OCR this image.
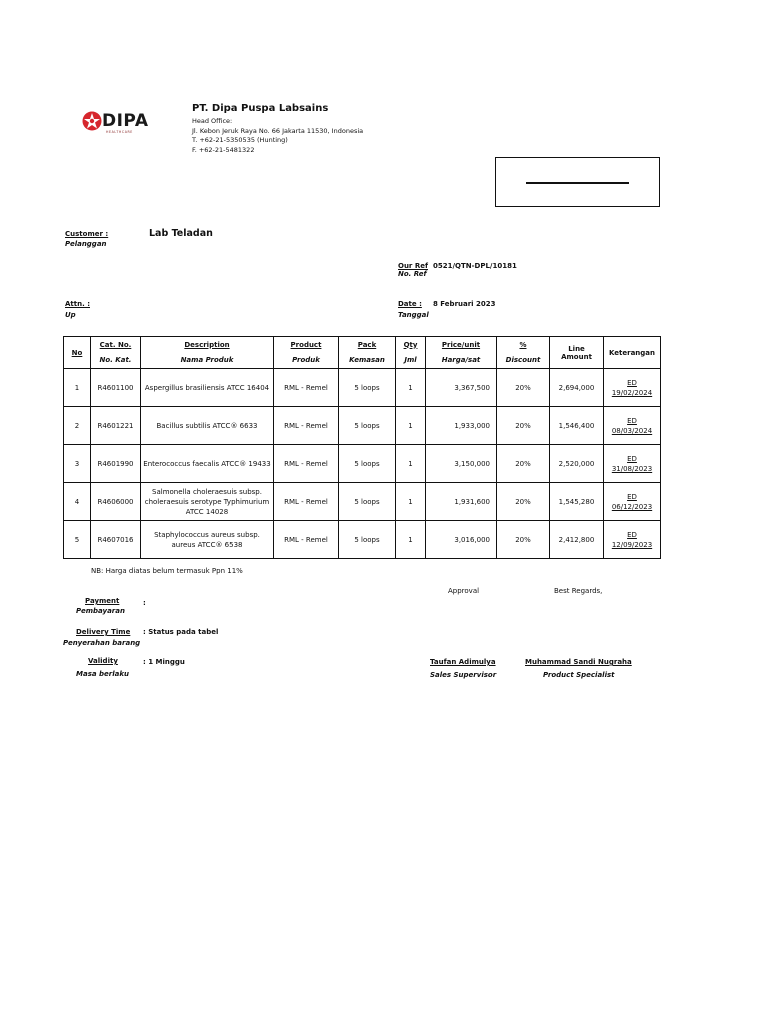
DIPA
HEALTHCARE
PT. Dipa Puspa Labsains
Head Office:
Jl. Kebon Jeruk Raya No. 66 Jakarta 11530, Indonesia
T. +62-21-5350535 (Hunting)
F. +62-21-5481322
Customer :
Pelanggan
Lab Teladan
Our Ref
No. Ref
0521/QTN-DPL/10181
Attn. :
Up
Date :
Tanggal
8 Februari 2023
No	Cat. No.	Description	Product	Pack	Qty	Price/unit	%	Line Amount	Keterangan
	No. Kat.	Nama Produk	Produk	Kemasan	Jml	Harga/sat	Discount		
1	R4601100	Aspergillus brasiliensis ATCC 16404	RML - Remel	5 loops	1	3,367,500	20%	2,694,000	ED 19/02/2024
2	R4601221	Bacillus subtilis ATCC® 6633	RML - Remel	5 loops	1	1,933,000	20%	1,546,400	ED 08/03/2024
3	R4601990	Enterococcus faecalis ATCC® 19433	RML - Remel	5 loops	1	3,150,000	20%	2,520,000	ED 31/08/2023
4	R4606000	Salmonella choleraesuis subsp. choleraesuis serotype Typhimurium ATCC 14028	RML - Remel	5 loops	1	1,931,600	20%	1,545,280	ED 06/12/2023
5	R4607016	Staphylococcus aureus subsp. aureus ATCC® 6538	RML - Remel	5 loops	1	3,016,000	20%	2,412,800	ED 12/09/2023
NB: Harga diatas belum termasuk Ppn 11%
Approval	Best Regards,
Payment
Pembayaran
:
Delivery Time
Penyerahan barang
: Status pada tabel
Validity
Masa berlaku
: 1 Minggu	Taufan Adimulya
Sales Supervisor
Muhammad Sandi Nugraha
Product Specialist
